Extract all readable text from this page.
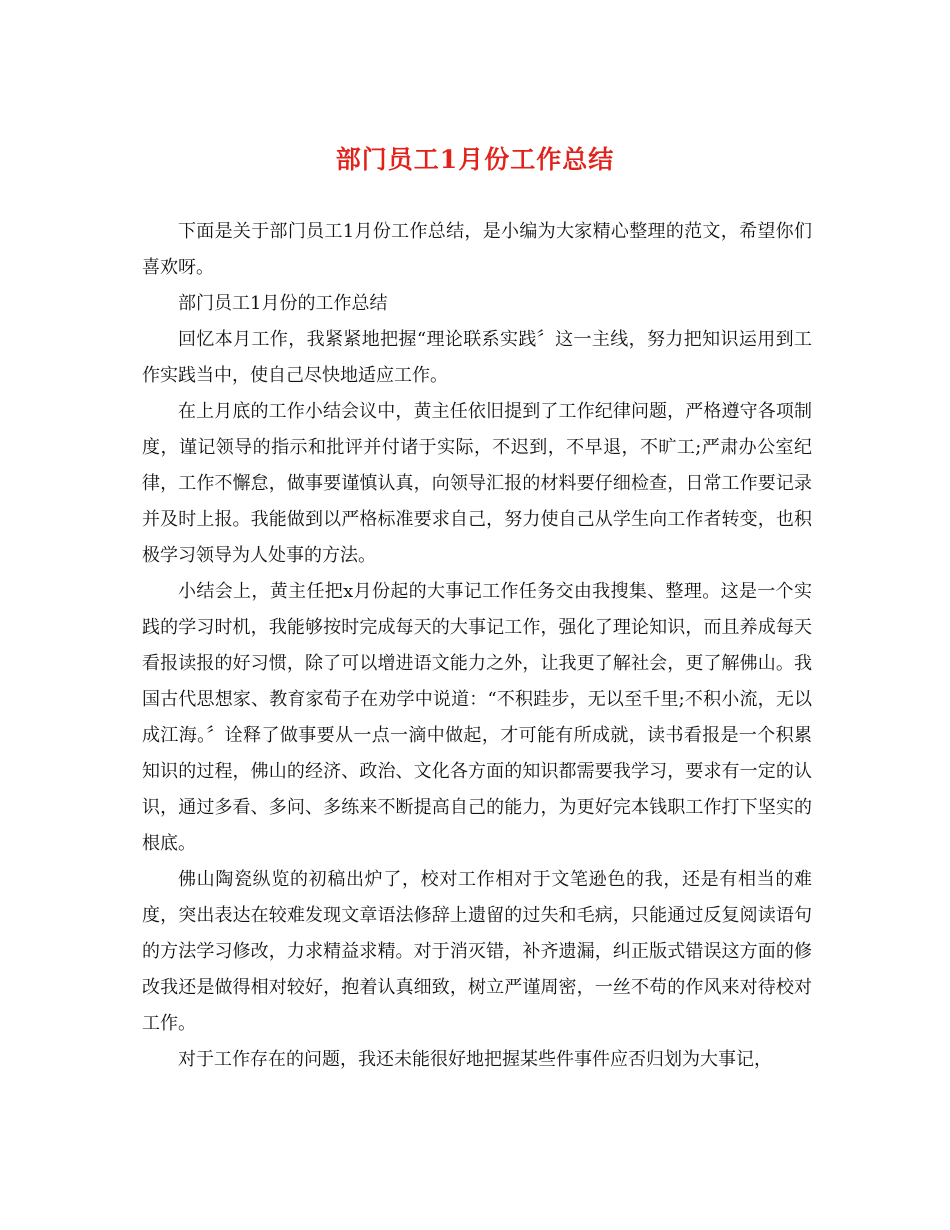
部门员工1月份工作总结

下面是关于部门员工1月份工作总结，是小编为大家精心整理的范文，希望你们喜欢呀。

部门员工1月份的工作总结

回忆本月工作，我紧紧地把握“理论联系实践〞这一主线，努力把知识运用到工作实践当中，使自己尽快地适应工作。

在上月底的工作小结会议中，黄主任依旧提到了工作纪律问题，严格遵守各项制度，谨记领导的指示和批评并付诸于实际，不迟到，不早退，不旷工;严肃办公室纪律，工作不懈怠，做事要谨慎认真，向领导汇报的材料要仔细检查，日常工作要记录并及时上报。我能做到以严格标准要求自己，努力使自己从学生向工作者转变，也积极学习领导为人处事的方法。

小结会上，黄主任把x月份起的大事记工作任务交由我搜集、整理。这是一个实践的学习时机，我能够按时完成每天的大事记工作，强化了理论知识，而且养成每天看报读报的好习惯，除了可以增进语文能力之外，让我更了解社会，更了解佛山。我国古代思想家、教育家荀子在劝学中说道：“不积跬步，无以至千里;不积小流，无以成江海。〞诠释了做事要从一点一滴中做起，才可能有所成就，读书看报是一个积累知识的过程，佛山的经济、政治、文化各方面的知识都需要我学习，要求有一定的认识，通过多看、多问、多练来不断提高自己的能力，为更好完本钱职工作打下坚实的根底。

佛山陶瓷纵览的初稿出炉了，校对工作相对于文笔逊色的我，还是有相当的难度，突出表达在较难发现文章语法修辞上遗留的过失和毛病，只能通过反复阅读语句的方法学习修改，力求精益求精。对于消灭错，补齐遗漏，纠正版式错误这方面的修改我还是做得相对较好，抱着认真细致，树立严谨周密，一丝不苟的作风来对待校对工作。

对于工作存在的问题，我还未能很好地把握某些件事件应否归划为大事记，
